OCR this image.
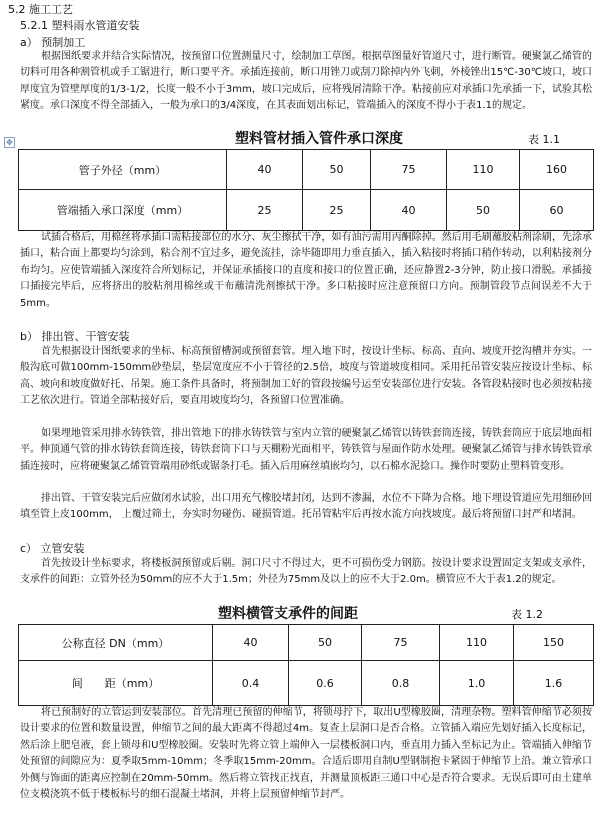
5.2 施工工艺
5.2.1 塑料雨水管道安装
a） 预制加工

根据图纸要求并结合实际情况，按预留口位置测量尺寸，绘制加工草图。根据草图量好管道尺寸，进行断管。硬聚氯乙烯管的切料可用各种割管机或手工锯进行，断口要平齐。承插连接前，断口用锉刀或刮刀除掉内外飞刺，外棱锉出15℃-30℃坡口，坡口厚度宜为管壁厚度的1/3-1/2，长度一般不小于3mm，坡口完成后，应将残屑清除干净。粘接前应对承插口先承插一下，试验其松紧度。承口深度不得全部插入，一般为承口的3/4深度，在其表面划出标记，管端插入的深度不得小于表1.1的规定。

✥	塑料管材插入管件承口深度	表 1.1
管子外径（mm）	40	50	75	110	160
管端插入承口深度（mm）	25	25	40	50	60

试插合格后，用棉丝将承插口需粘接部位的水分、灰尘擦拭干净，如有油污需用丙酮除掉。然后用毛刷蘸胶粘剂涂刷，先涂承插口，粘合面上都要均匀涂到，粘合剂不宜过多，避免流挂，涂毕随即用力垂直插入，插入粘接时将插口稍作转动，以利粘接剂分布均匀。应使管端插入深度符合所划标记，并保证承插接口的直度和接口的位置正确，还应静置2-3分钟，防止接口滑脱。承插接口插接完毕后，应将挤出的胶粘剂用棉丝或干布蘸清洗剂擦拭干净。多口粘接时应注意预留口方向。预制管段节点间误差不大于5mm。

b） 排出管、干管安装

首先根据设计图纸要求的坐标、标高预留槽洞或预留套管。埋入地下时，按设计坐标、标高、直向、坡度开挖沟槽并夯实。一般沟底可做100mm-150mm砂垫层，垫层宽度应不小于管径的2.5倍，坡度与管道坡度相同。采用托吊管安装应按设计坐标、标高、坡向和坡度做好托、吊架。施工条件具备时，将预制加工好的管段按编号运至安装部位进行安装。各管段粘接时也必须按粘接工艺依次进行。管道全部粘接好后，要直用坡度均匀，各预留口位置准确。

如果埋地管采用排水铸铁管，排出管地下的排水铸铁管与室内立管的硬聚氯乙烯管以铸铁套筒连接，铸铁套筒应于底层地面相平。伸顶通气管的排水铸铁套筒连接，铸铁套筒下口与天棚粉光面相平，铸铁管与屋面作防水处理。硬聚氯乙烯管与排水铸铁管承插连接时，应将硬聚氯乙烯管管端用砂纸或锯条打毛。插入后用麻丝填嵌均匀，以石棉水泥捻口。操作时要防止塑料管变形。

排出管、干管安装完后应做闭水试验，出口用充气橡胶堵封闭，达到不渗漏，水位不下降为合格。地下埋设管道应先用细砂回填至管上皮100mm， 上覆过筛土，夯实时勿碰伤、碰损管道。托吊管粘牢后再按水流方向找坡度。最后将预留口封严和堵洞。

c） 立管安装

首先按设计坐标要求，将楼板洞预留或后剔。洞口尺寸不得过大，更不可损伤受力钢筋。按设计要求设置固定支架或支承件，支承件的间距：立管外径为50mm的应不大于1.5m；外径为75mm及以上的应不大于2.0m。横管应不大于表1.2的规定。

塑料横管支承件的间距	表 1.2
公称直径 DN（mm）	40	50	75	110	150
间　　距（mm）	0.4	0.6	0.8	1.0	1.6

将已预制好的立管运到安装部位。首先清理已预留的伸缩节，将锁母拧下，取出U型橡胶圈，清理杂物。塑料管伸缩节必须按设计要求的位置和数量设置，伸缩节之间的最大距离不得超过4m。复查上层洞口是否合格。立管插入端应先划好插入长度标记，然后涂上肥皂液，套上锁母和U型橡胶圈。安装时先将立管上端伸入一层楼板洞口内，垂直用力插入至标记为止。管端插入伸缩节处预留的间隙应为：夏季取5mm-10mm；冬季取15mm-20mm。合适后即用自制U型钢制抱卡紧固于伸缩节上沿。兼立管承口外侧与饰面的距离应控制在20mm-50mm。然后将立管找正找直，并测量顶板距三通口中心是否符合要求。无误后即可由土建单位支模浇筑不低于楼板标号的细石混凝土堵洞，并将上层预留伸缩节封严。
